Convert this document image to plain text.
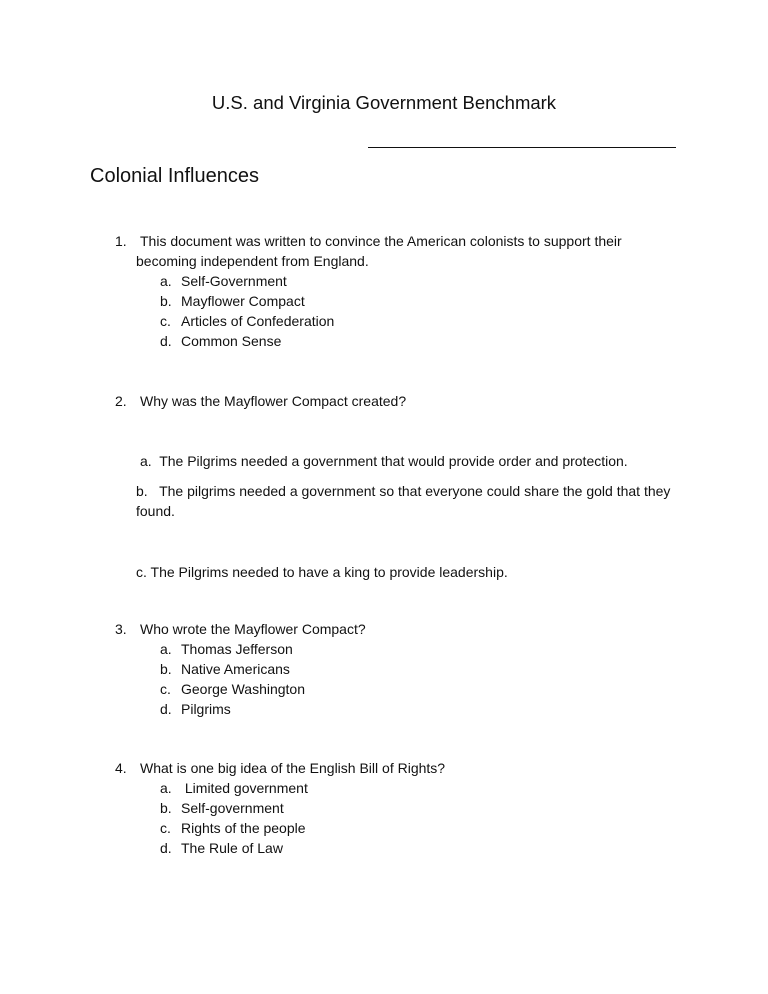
U.S. and Virginia Government Benchmark
Colonial Influences
1. This document was written to convince the American colonists to support their
becoming independent from England.
a. Self-Government
b. Mayflower Compact
c. Articles of Confederation
d. Common Sense
2. Why was the Mayflower Compact created?
a.  The Pilgrims needed a government that would provide order and protection.
b.   The pilgrims needed a government so that everyone could share the gold that they
found.
c. The Pilgrims needed to have a king to provide leadership.
3. Who wrote the Mayflower Compact?
a. Thomas Jefferson
b. Native Americans
c. George Washington
d. Pilgrims
4. What is one big idea of the English Bill of Rights?
a. Limited government
b. Self-government
c. Rights of the people
d. The Rule of Law
